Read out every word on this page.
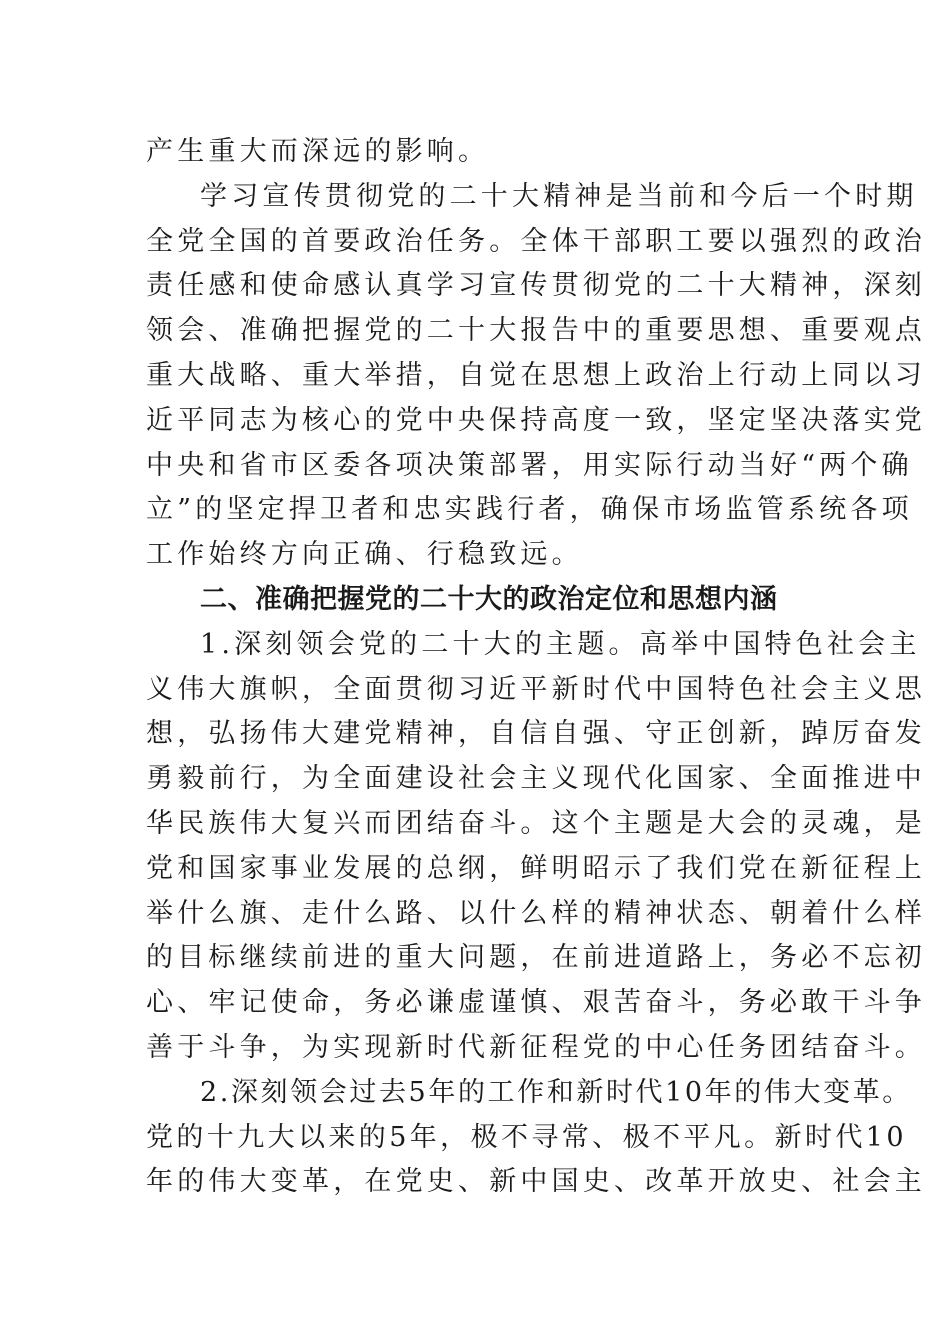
产生重大而深远的影响。
学习宣传贯彻党的二十大精神是当前和今后一个时期
全党全国的首要政治任务。全体干部职工要以强烈的政治
责任感和使命感认真学习宣传贯彻党的二十大精神，深刻
领会、准确把握党的二十大报告中的重要思想、重要观点
重大战略、重大举措，自觉在思想上政治上行动上同以习
近平同志为核心的党中央保持高度一致，坚定坚决落实党
中央和省市区委各项决策部署，用实际行动当好“两个确
立”的坚定捍卫者和忠实践行者，确保市场监管系统各项
工作始终方向正确、行稳致远。
二、准确把握党的二十大的政治定位和思想内涵
1.深刻领会党的二十大的主题。高举中国特色社会主
义伟大旗帜，全面贯彻习近平新时代中国特色社会主义思
想，弘扬伟大建党精神，自信自强、守正创新，踔厉奋发
勇毅前行，为全面建设社会主义现代化国家、全面推进中
华民族伟大复兴而团结奋斗。这个主题是大会的灵魂，是
党和国家事业发展的总纲，鲜明昭示了我们党在新征程上
举什么旗、走什么路、以什么样的精神状态、朝着什么样
的目标继续前进的重大问题，在前进道路上，务必不忘初
心、牢记使命，务必谦虚谨慎、艰苦奋斗，务必敢干斗争
善于斗争，为实现新时代新征程党的中心任务团结奋斗。
2.深刻领会过去5年的工作和新时代10年的伟大变革。
党的十九大以来的5年，极不寻常、极不平凡。新时代10
年的伟大变革，在党史、新中国史、改革开放史、社会主
